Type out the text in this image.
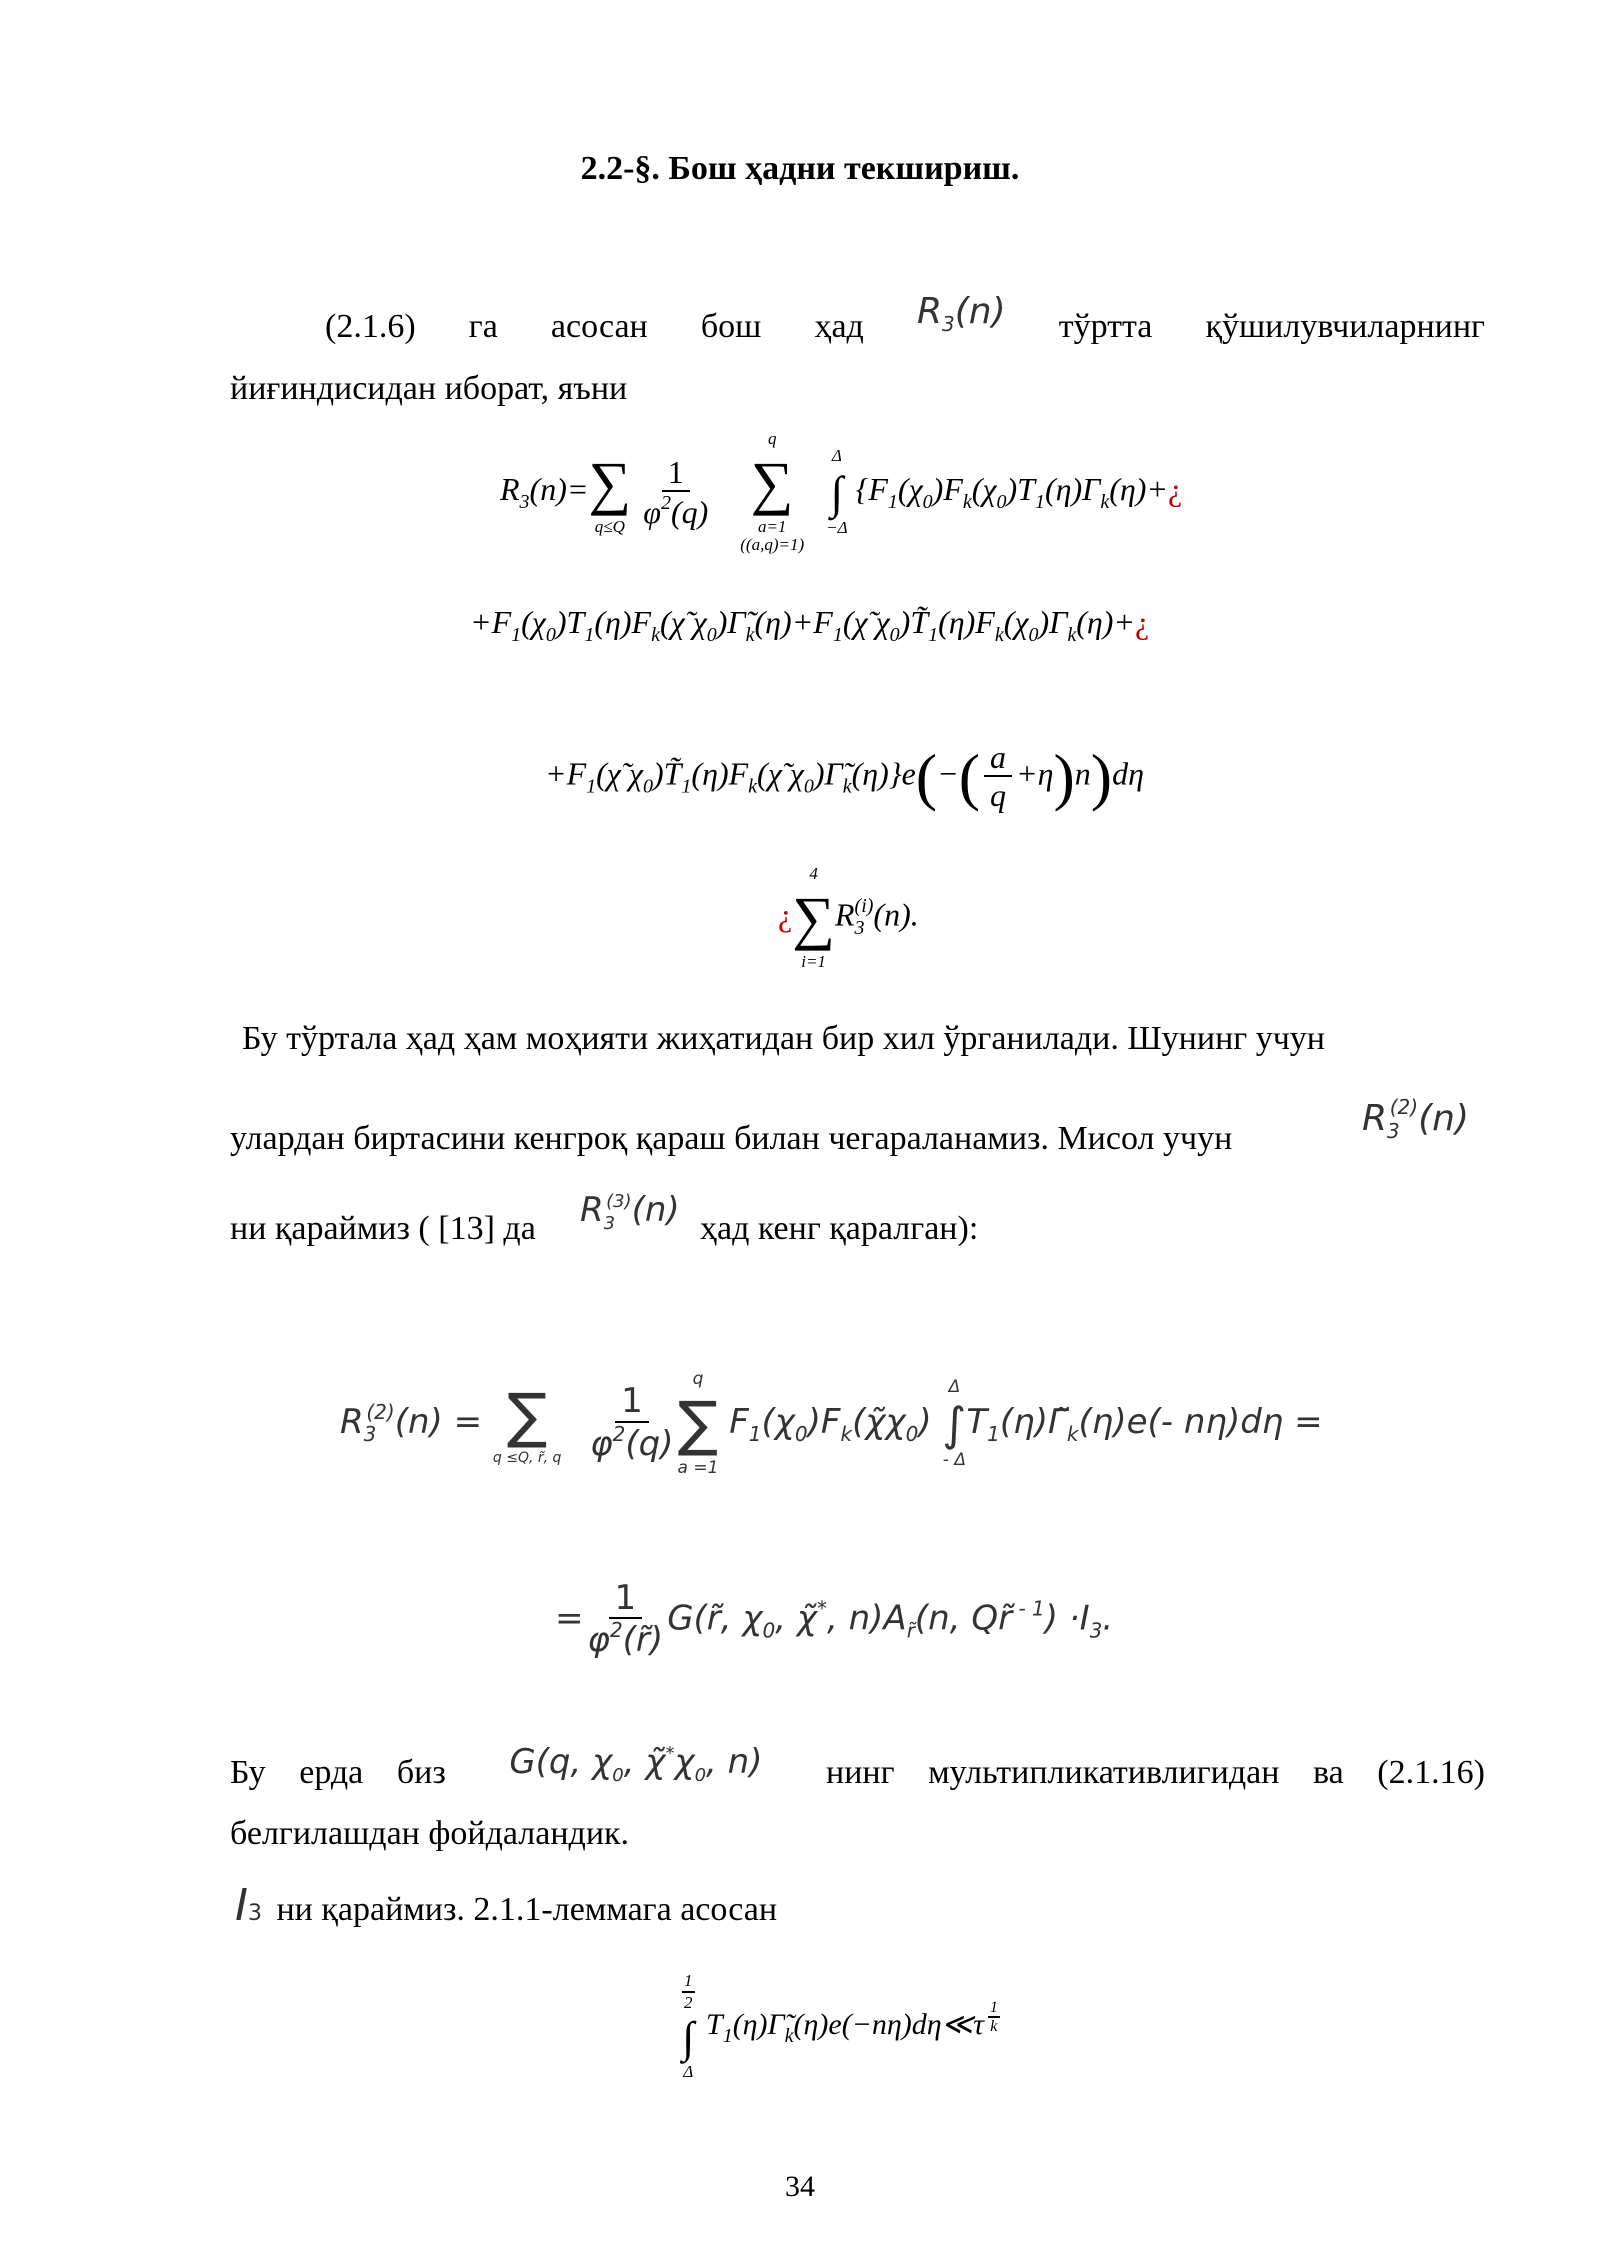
2.2-§. Бош ҳадни текшириш.
(2.1.6) га асосан бош ҳад $R_3(n)$ тўртта қўшилувчиларнинг
йиғиндисидан иборат, яъни
$R_3(n)=$ ∑
q≤Q
$\frac{1}{\varphi^2(q)}$

q
∑
a=1
((a,q)=1)

Δ
∫
−Δ
{$F_1(\chi_0)F_k(\chi_0)T_1(\eta)\Gamma_k(\eta)+¿$
$+F_1(\chi_0)T_1(\eta)F_k(\chĩ$ $\chi_0)\Gammã_k(\eta)+F_1(\chĩ$ $\chi_0)T̃_1(\eta)F_k(\chi_0)\Gamma_k(\eta)+¿$
$+F_1(\chĩ$ $\chi_0)T̃_1(\eta)F_k(\chĩ$ $\chi_0)\Gammã_k(\eta)\}e(-( \frac{a}{q} +\eta)n)d\eta$
¿
4
∑
i=1
$R_3^{(i)}(n)$.
Бу тўртала ҳад ҳам моҳияти жиҳатидан бир хил ўрганилади. Шунинг учун
улардан биртасини кенгроқ қараш билан чегараланамиз. Мисол учун	$R_3^{(2)}(n)$
ни қараймиз ( [13] да $R_3^{(3)}(n)$ ҳад кенг қаралган):
$R_3^{(2)}(n)$ = ∑
q ≤Q, r̃, q
$\frac{1}{\varphi^2(q)}$
q
∑
a =1
$F_1(\chi_0)F_k(\chĩ\chi_0)$
Δ
∫
- Δ
$T_1(\eta)\Gammã_k(\eta)e(-$ nη)dη =
= $\frac{1}{\varphi^2(r̃)}$ G(r̃, $\chi_0$, χ̃*, $n)A_{r̃}(n$, Qr̃ $^{- 1}) \cdot I_3$.
Бу ерда биз G(q, $\chi_0$, $\chĩ^*\chi_0$, n) нинг мультипликативлигидан ва (2.1.16)
белгилашдан фойдаландик.
I3 ни қараймиз. 2.1.1-леммага асосан
$\frac{1}{2}$
∫
Δ
$T_1(\eta)\Gammã_k(\eta)e(-n\eta)d\eta≪\tau$ $^{\frac{1}{k}}$
34
